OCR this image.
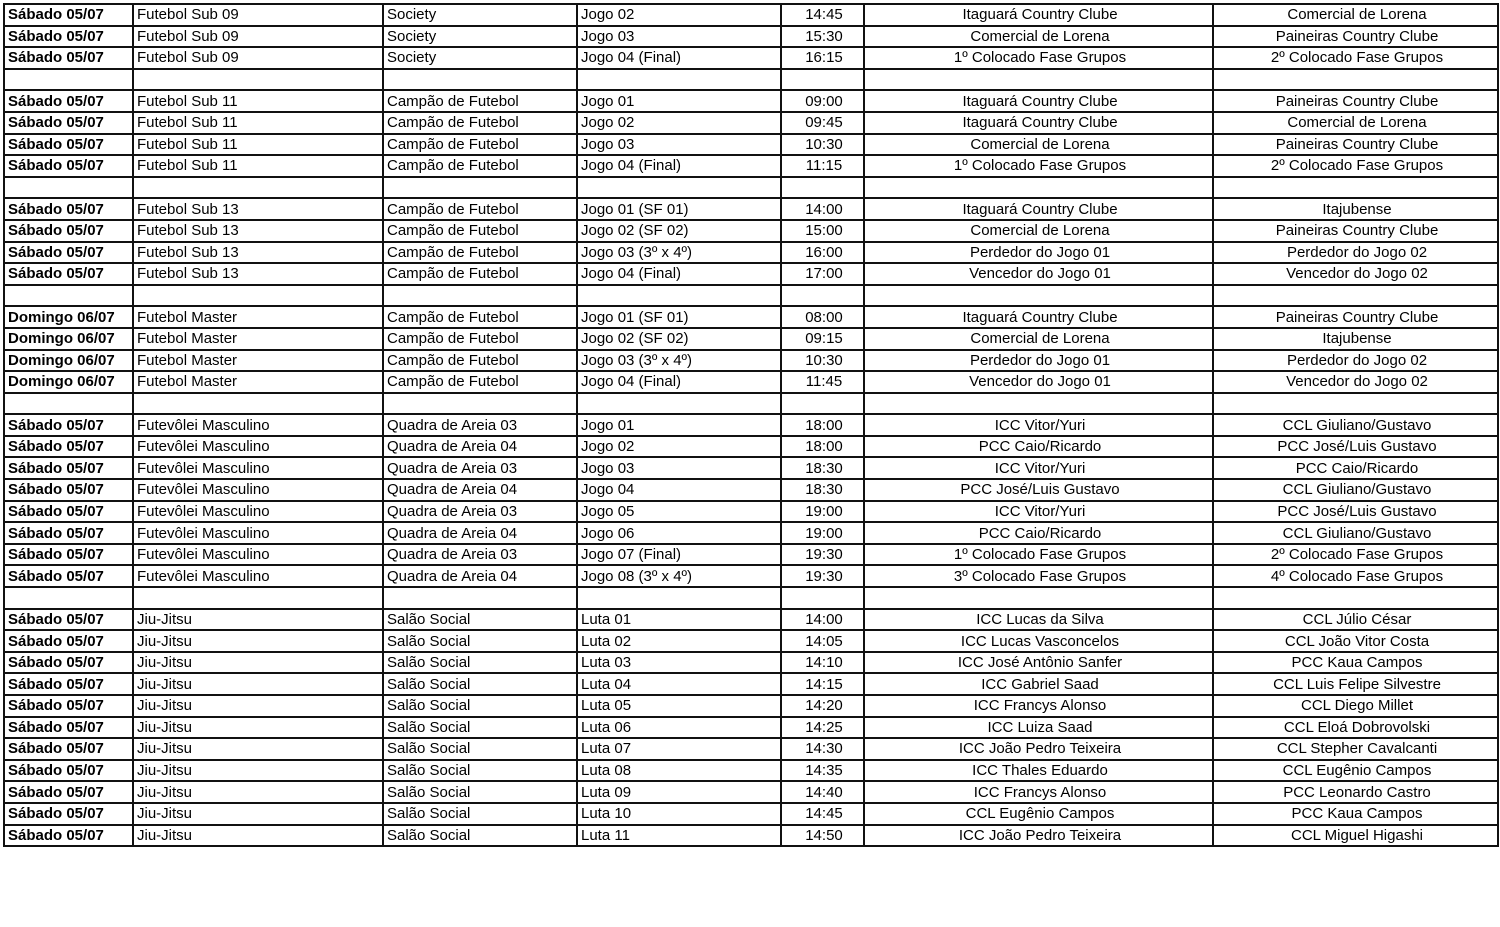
Sábado 05/07	Futebol Sub 09	Society	Jogo 02	14:45	Itaguará Country Clube	Comercial de Lorena
Sábado 05/07	Futebol Sub 09	Society	Jogo 03	15:30	Comercial de Lorena	Paineiras Country Clube
Sábado 05/07	Futebol Sub 09	Society	Jogo 04 (Final)	16:15	1º Colocado Fase Grupos	2º Colocado Fase Grupos

Sábado 05/07	Futebol Sub 11	Campão de Futebol	Jogo 01	09:00	Itaguará Country Clube	Paineiras Country Clube
Sábado 05/07	Futebol Sub 11	Campão de Futebol	Jogo 02	09:45	Itaguará Country Clube	Comercial de Lorena
Sábado 05/07	Futebol Sub 11	Campão de Futebol	Jogo 03	10:30	Comercial de Lorena	Paineiras Country Clube
Sábado 05/07	Futebol Sub 11	Campão de Futebol	Jogo 04 (Final)	11:15	1º Colocado Fase Grupos	2º Colocado Fase Grupos

Sábado 05/07	Futebol Sub 13	Campão de Futebol	Jogo 01 (SF 01)	14:00	Itaguará Country Clube	Itajubense
Sábado 05/07	Futebol Sub 13	Campão de Futebol	Jogo 02 (SF 02)	15:00	Comercial de Lorena	Paineiras Country Clube
Sábado 05/07	Futebol Sub 13	Campão de Futebol	Jogo 03 (3º x 4º)	16:00	Perdedor do Jogo 01	Perdedor do Jogo 02
Sábado 05/07	Futebol Sub 13	Campão de Futebol	Jogo 04 (Final)	17:00	Vencedor do Jogo 01	Vencedor do Jogo 02

Domingo 06/07	Futebol Master	Campão de Futebol	Jogo 01 (SF 01)	08:00	Itaguará Country Clube	Paineiras Country Clube
Domingo 06/07	Futebol Master	Campão de Futebol	Jogo 02 (SF 02)	09:15	Comercial de Lorena	Itajubense
Domingo 06/07	Futebol Master	Campão de Futebol	Jogo 03 (3º x 4º)	10:30	Perdedor do Jogo 01	Perdedor do Jogo 02
Domingo 06/07	Futebol Master	Campão de Futebol	Jogo 04 (Final)	11:45	Vencedor do Jogo 01	Vencedor do Jogo 02

Sábado 05/07	Futevôlei Masculino	Quadra de Areia 03	Jogo 01	18:00	ICC Vitor/Yuri	CCL Giuliano/Gustavo
Sábado 05/07	Futevôlei Masculino	Quadra de Areia 04	Jogo 02	18:00	PCC Caio/Ricardo	PCC José/Luis Gustavo
Sábado 05/07	Futevôlei Masculino	Quadra de Areia 03	Jogo 03	18:30	ICC Vitor/Yuri	PCC Caio/Ricardo
Sábado 05/07	Futevôlei Masculino	Quadra de Areia 04	Jogo 04	18:30	PCC José/Luis Gustavo	CCL Giuliano/Gustavo
Sábado 05/07	Futevôlei Masculino	Quadra de Areia 03	Jogo 05	19:00	ICC Vitor/Yuri	PCC José/Luis Gustavo
Sábado 05/07	Futevôlei Masculino	Quadra de Areia 04	Jogo 06	19:00	PCC Caio/Ricardo	CCL Giuliano/Gustavo
Sábado 05/07	Futevôlei Masculino	Quadra de Areia 03	Jogo 07 (Final)	19:30	1º Colocado Fase Grupos	2º Colocado Fase Grupos
Sábado 05/07	Futevôlei Masculino	Quadra de Areia 04	Jogo 08 (3º x 4º)	19:30	3º Colocado Fase Grupos	4º Colocado Fase Grupos

Sábado 05/07	Jiu-Jitsu	Salão Social	Luta 01	14:00	ICC Lucas da Silva	CCL Júlio César
Sábado 05/07	Jiu-Jitsu	Salão Social	Luta 02	14:05	ICC Lucas Vasconcelos	CCL João Vitor Costa
Sábado 05/07	Jiu-Jitsu	Salão Social	Luta 03	14:10	ICC José Antônio Sanfer	PCC Kaua Campos
Sábado 05/07	Jiu-Jitsu	Salão Social	Luta 04	14:15	ICC Gabriel Saad	CCL Luis Felipe Silvestre
Sábado 05/07	Jiu-Jitsu	Salão Social	Luta 05	14:20	ICC Francys Alonso	CCL Diego Millet
Sábado 05/07	Jiu-Jitsu	Salão Social	Luta 06	14:25	ICC Luiza Saad	CCL Eloá Dobrovolski
Sábado 05/07	Jiu-Jitsu	Salão Social	Luta 07	14:30	ICC João Pedro Teixeira	CCL Stepher Cavalcanti
Sábado 05/07	Jiu-Jitsu	Salão Social	Luta 08	14:35	ICC Thales Eduardo	CCL Eugênio Campos
Sábado 05/07	Jiu-Jitsu	Salão Social	Luta 09	14:40	ICC Francys Alonso	PCC Leonardo Castro
Sábado 05/07	Jiu-Jitsu	Salão Social	Luta 10	14:45	CCL Eugênio Campos	PCC Kaua Campos
Sábado 05/07	Jiu-Jitsu	Salão Social	Luta 11	14:50	ICC João Pedro Teixeira	CCL Miguel Higashi
